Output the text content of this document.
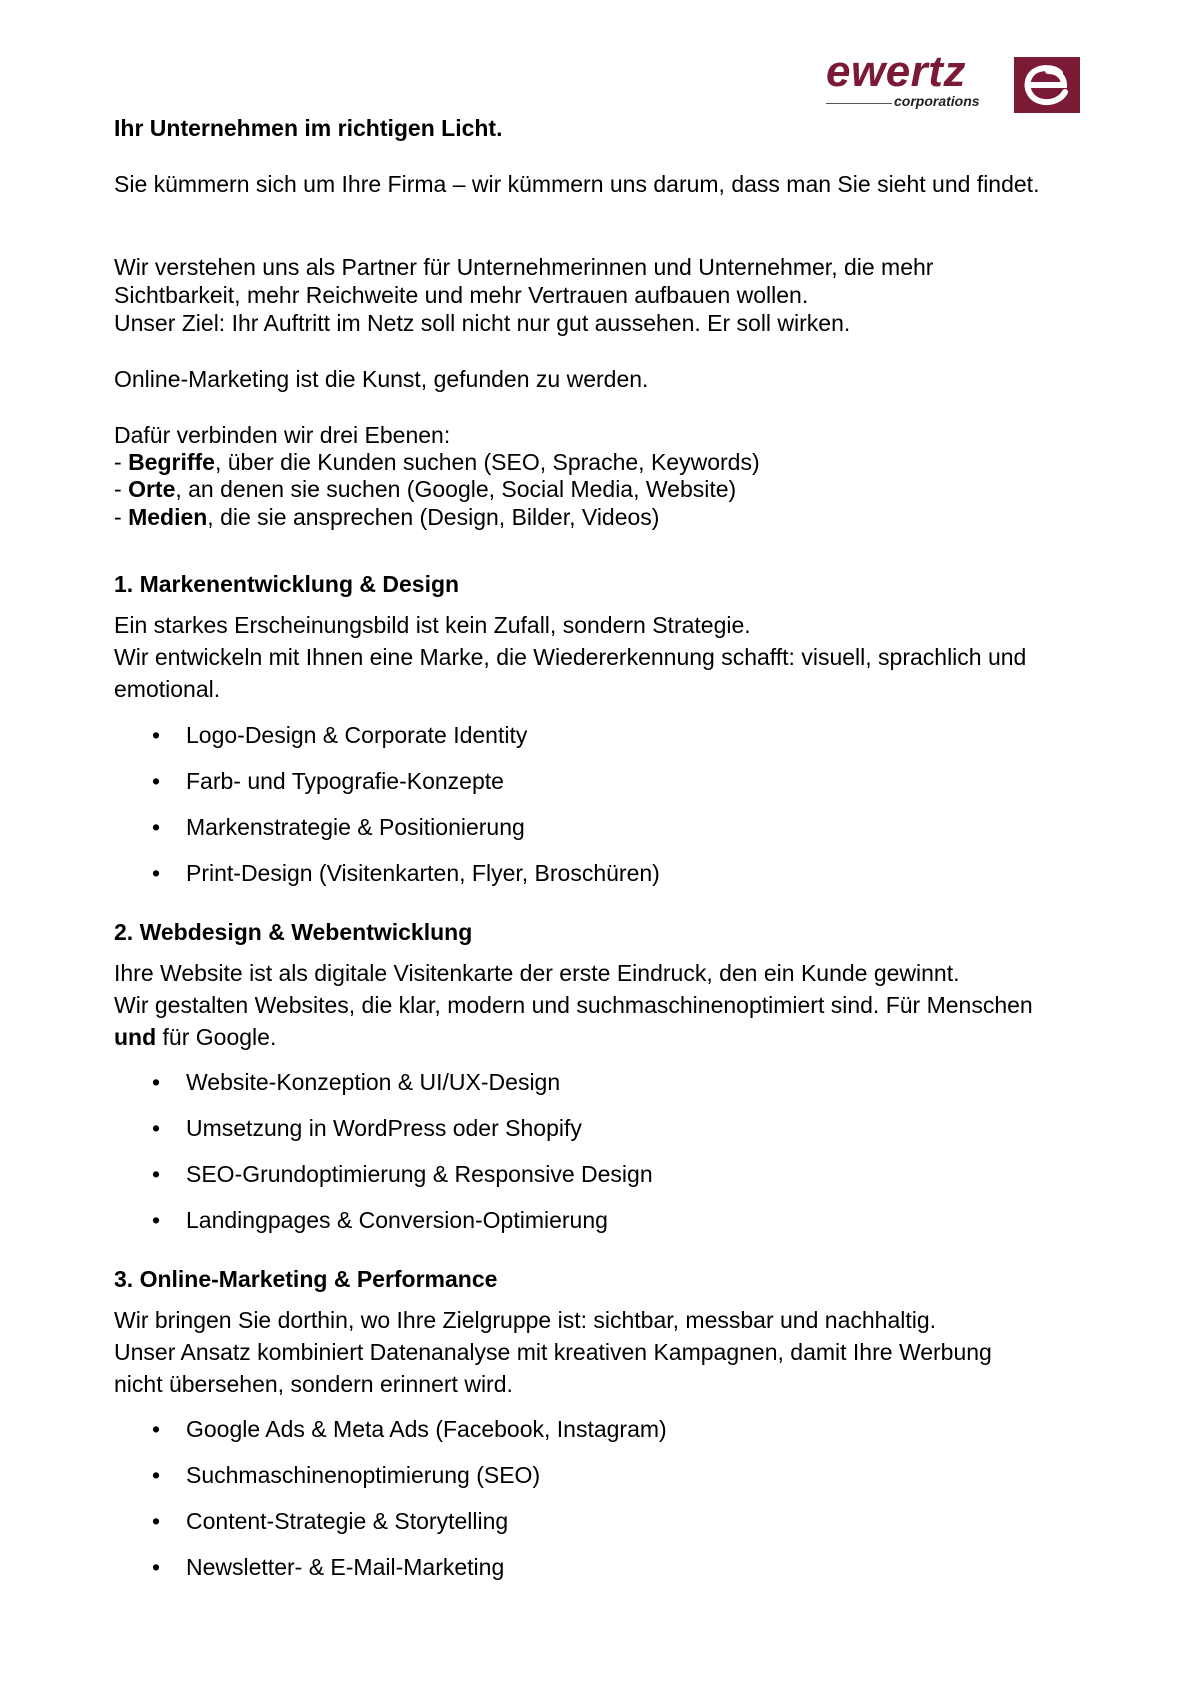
ewertz
corporations
Ihr Unternehmen im richtigen Licht.
Sie kümmern sich um Ihre Firma – wir kümmern uns darum, dass man Sie sieht und findet.
Wir verstehen uns als Partner für Unternehmerinnen und Unternehmer, die mehr
Sichtbarkeit, mehr Reichweite und mehr Vertrauen aufbauen wollen.
Unser Ziel: Ihr Auftritt im Netz soll nicht nur gut aussehen. Er soll wirken.
Online-Marketing ist die Kunst, gefunden zu werden.
Dafür verbinden wir drei Ebenen:
- Begriffe, über die Kunden suchen (SEO, Sprache, Keywords)
- Orte, an denen sie suchen (Google, Social Media, Website)
- Medien, die sie ansprechen (Design, Bilder, Videos)
1. Markenentwicklung & Design
Ein starkes Erscheinungsbild ist kein Zufall, sondern Strategie.
Wir entwickeln mit Ihnen eine Marke, die Wiedererkennung schafft: visuell, sprachlich und
emotional.
• Logo-Design & Corporate Identity
• Farb- und Typografie-Konzepte
• Markenstrategie & Positionierung
• Print-Design (Visitenkarten, Flyer, Broschüren)
2. Webdesign & Webentwicklung
Ihre Website ist als digitale Visitenkarte der erste Eindruck, den ein Kunde gewinnt.
Wir gestalten Websites, die klar, modern und suchmaschinenoptimiert sind. Für Menschen
und für Google.
• Website-Konzeption & UI/UX-Design
• Umsetzung in WordPress oder Shopify
• SEO-Grundoptimierung & Responsive Design
• Landingpages & Conversion-Optimierung
3. Online-Marketing & Performance
Wir bringen Sie dorthin, wo Ihre Zielgruppe ist: sichtbar, messbar und nachhaltig.
Unser Ansatz kombiniert Datenanalyse mit kreativen Kampagnen, damit Ihre Werbung
nicht übersehen, sondern erinnert wird.
• Google Ads & Meta Ads (Facebook, Instagram)
• Suchmaschinenoptimierung (SEO)
• Content-Strategie & Storytelling
• Newsletter- & E-Mail-Marketing
